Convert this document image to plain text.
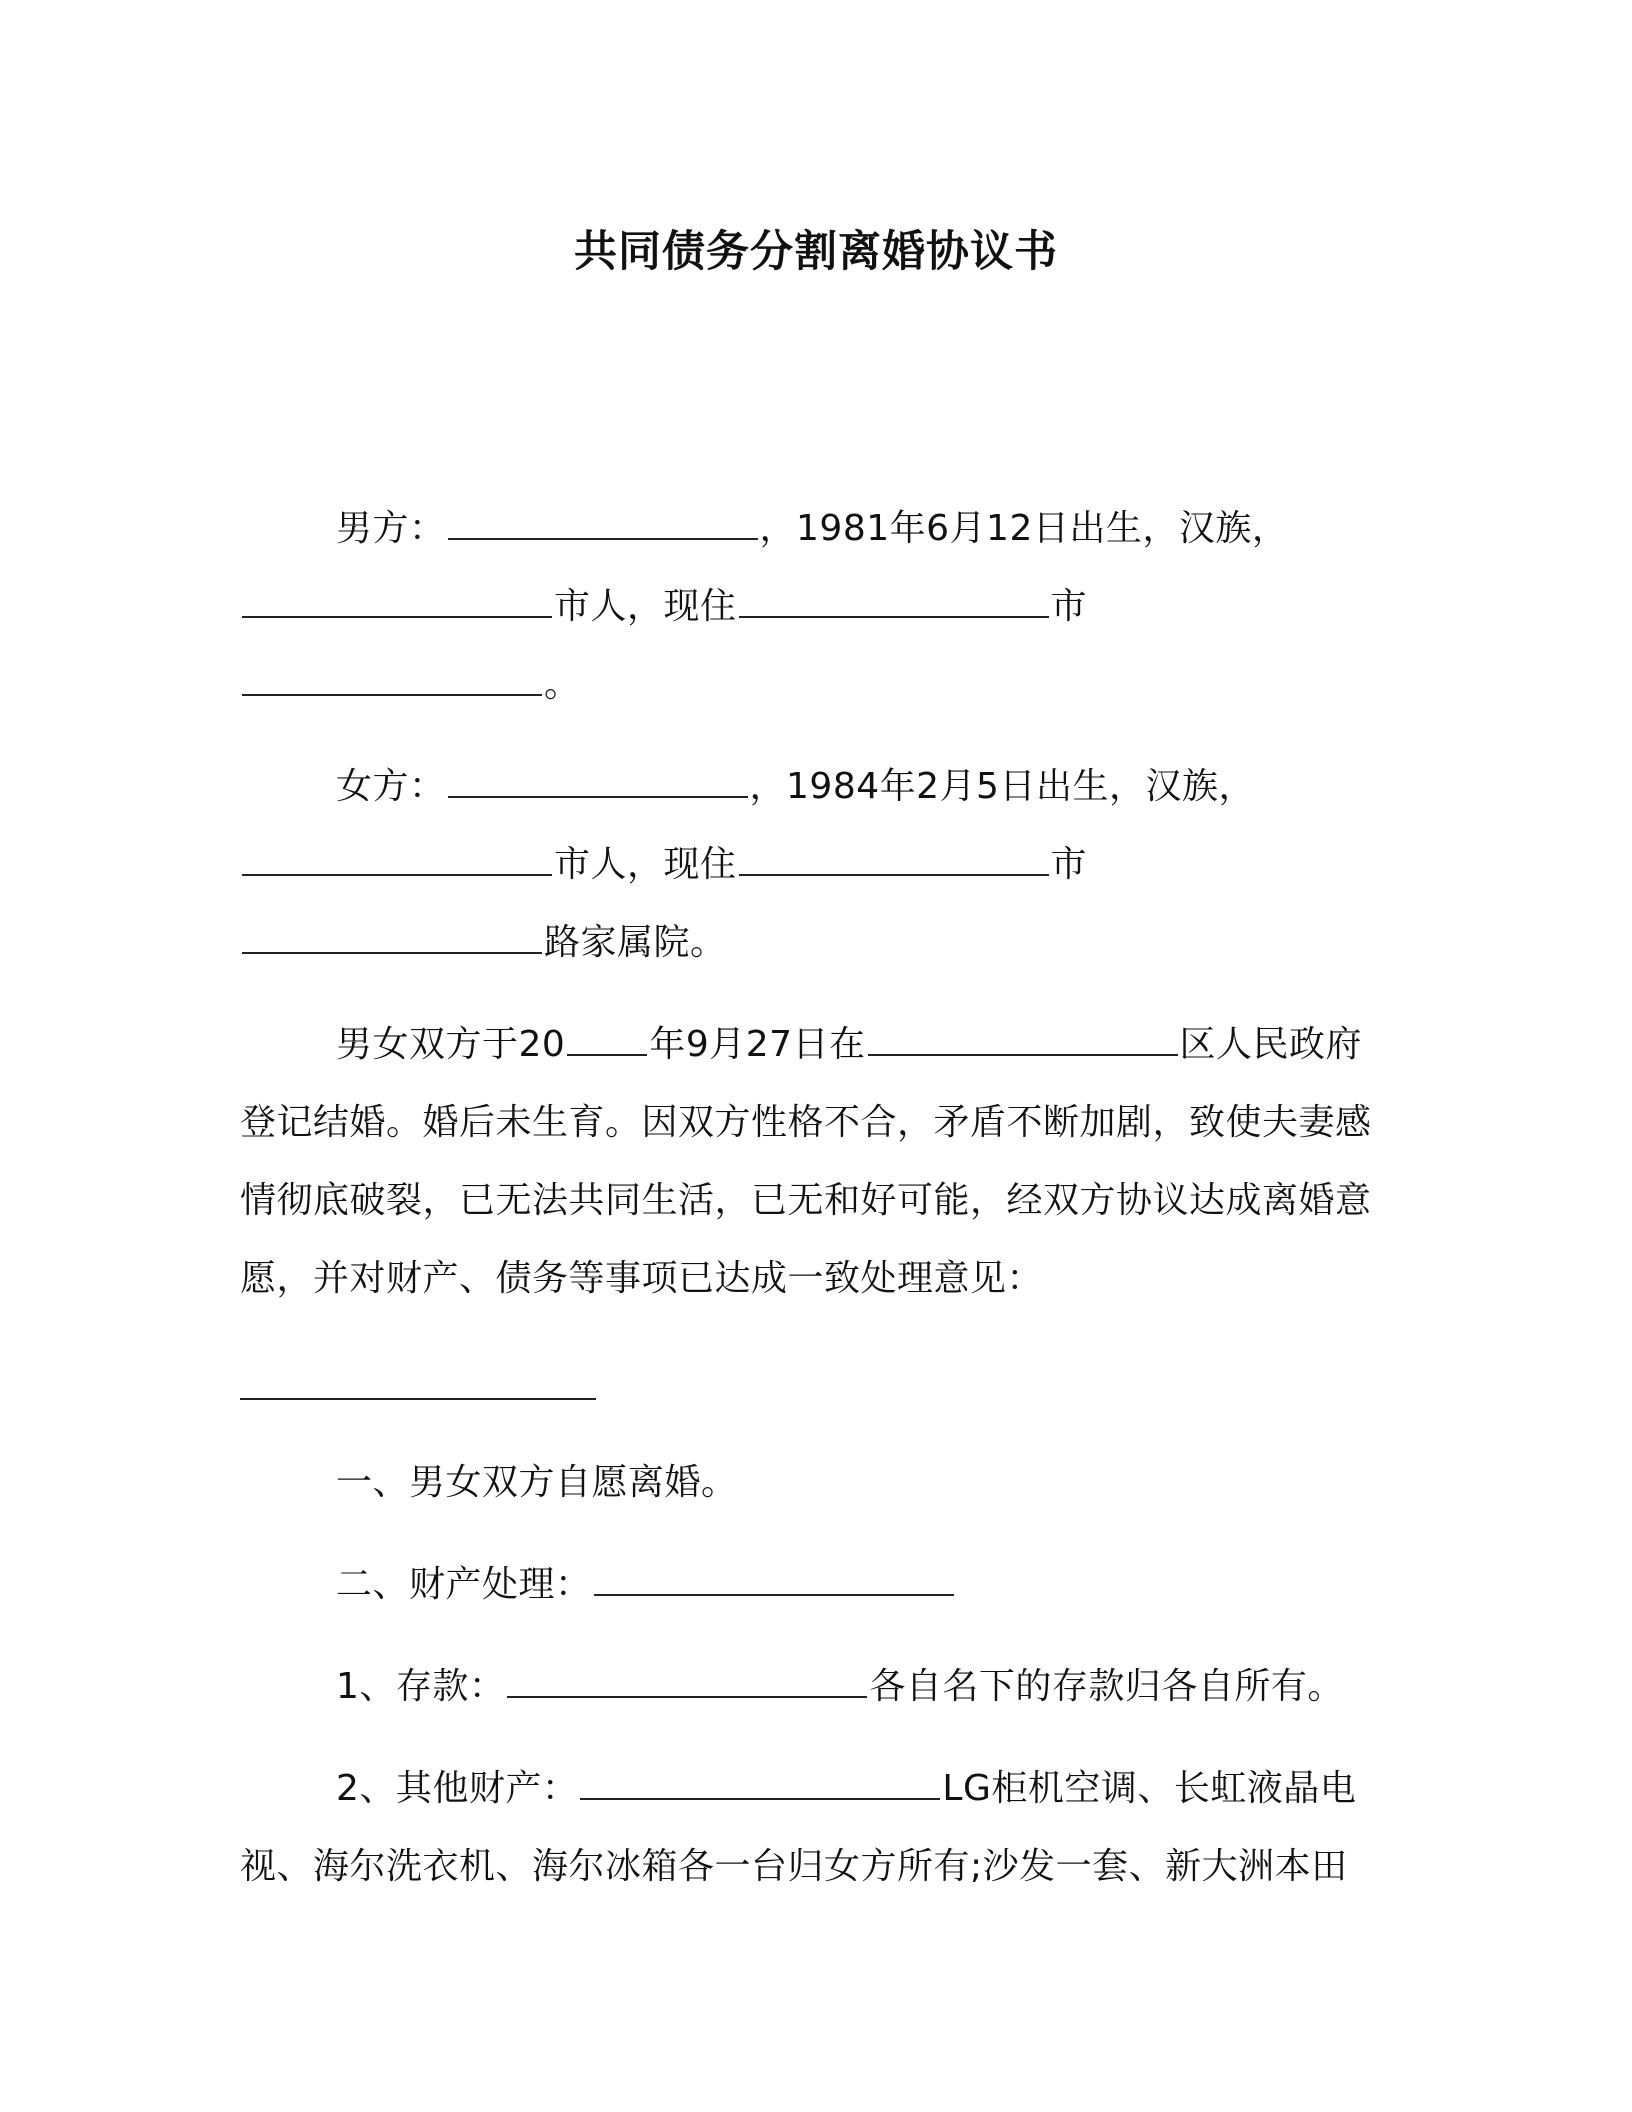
共同债务分割离婚协议书

男方：	，1981年6月12日出生，汉族，市人，现住	市。

女方：	，1984年2月5日出生，汉族，市人，现住	市路家属院。

男女双方于20 年9月27日在	区人民政府登记结婚。婚后未生育。因双方性格不合，矛盾不断加剧，致使夫妻感情彻底破裂，已无法共同生活，已无和好可能，经双方协议达成离婚意愿，并对财产、债务等事项已达成一致处理意见：

一、男女双方自愿离婚。

二、财产处理：

1、存款：	各自名下的存款归各自所有。

2、其他财产：	LG柜机空调、长虹液晶电视、海尔洗衣机、海尔冰箱各一台归女方所有;沙发一套、新大洲本田
